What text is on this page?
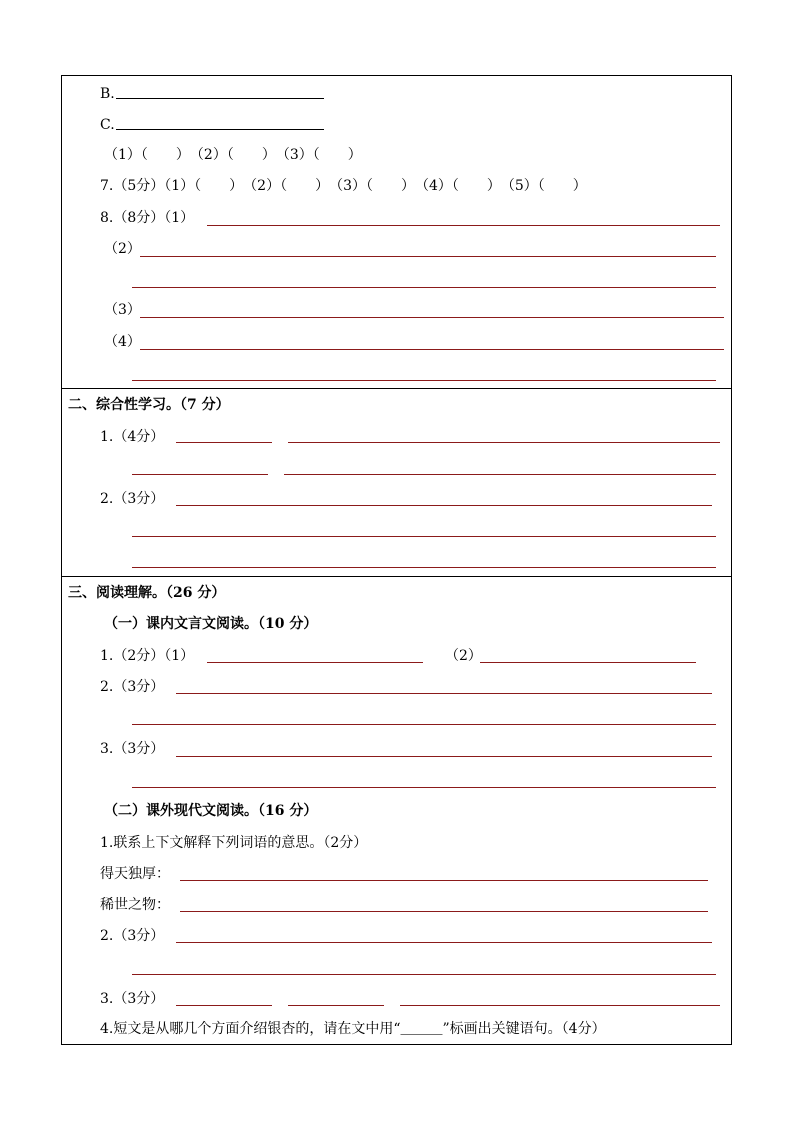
B.
C.
（1）（　　）　（2）（　　）　（3）（　　）
7.（5分）（1）（　　）　（2）（　　）　（3）（　　）　（4）（　　）　（5）（　　）
8.（8分）（1）
（2）
（3）
（4）
二、综合性学习。（7 分）
1.（4分）
2.（3分）
三、阅读理解。（26 分）
（一）课内文言文阅读。（10 分）
1.（2分）（1）	（2）
2.（3分）
3.（3分）
（二）课外现代文阅读。（16 分）
1.联系上下文解释下列词语的意思。（2分）
得天独厚：
稀世之物：
2.（3分）
3.（3分）
4.短文是从哪几个方面介绍银杏的，请在文中用“＿＿＿”标画出关键语句。（4分）
